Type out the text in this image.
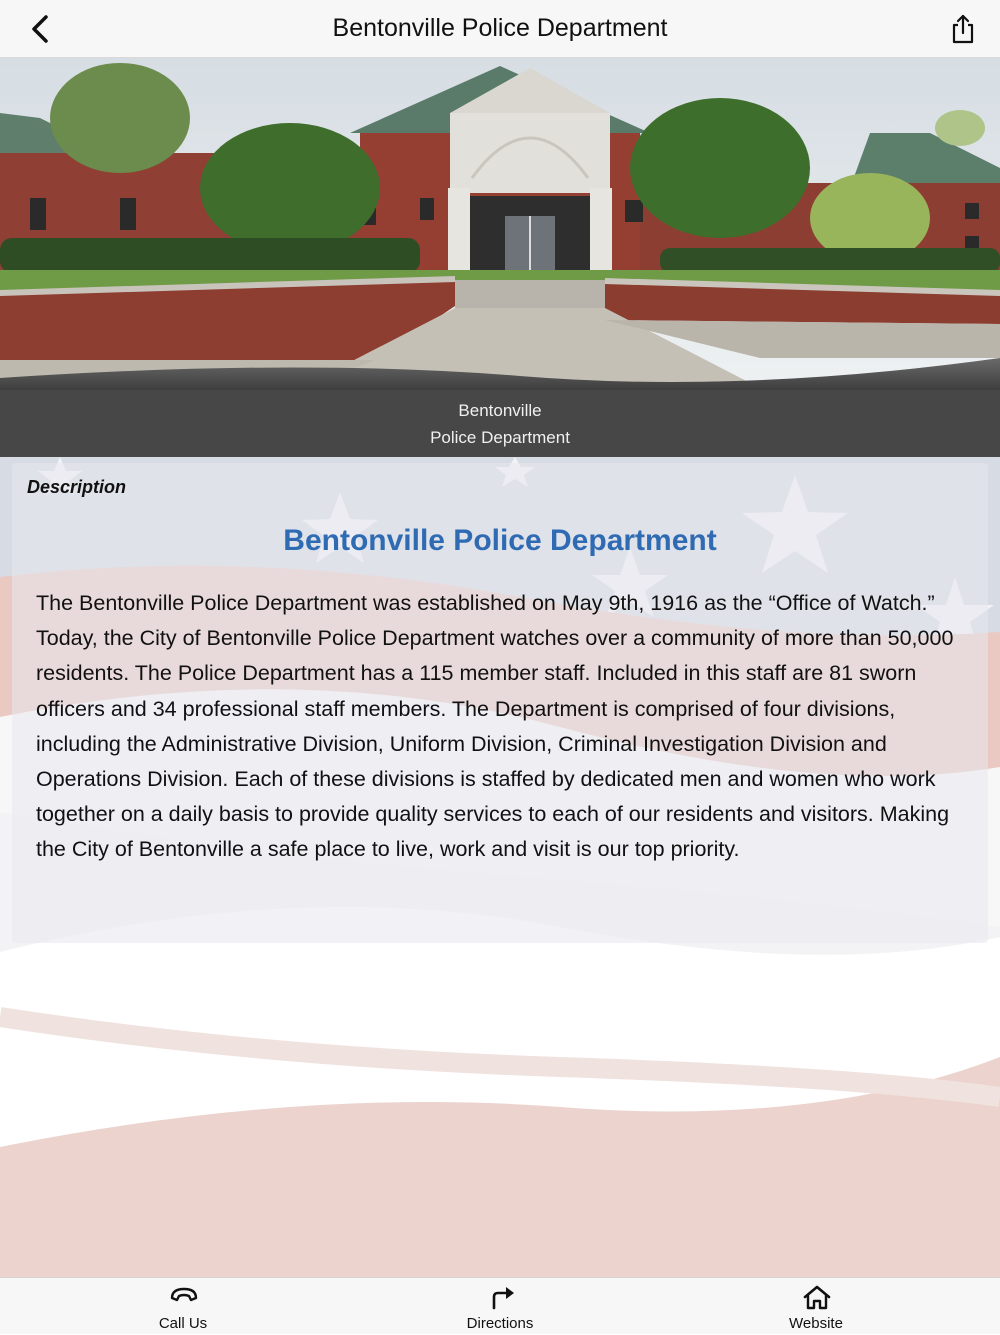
Bentonville Police Department
Bentonville
Police Department
Description
Bentonville Police Department
The Bentonville Police Department was established on May 9th, 1916 as the “Office of Watch.” Today, the City of Bentonville Police Department watches over a community of more than 50,000 residents. The Police Department has a 115 member staff. Included in this staff are 81 sworn officers and 34 professional staff members. The Department is comprised of four divisions, including the Administrative Division, Uniform Division, Criminal Investigation Division and Operations Division. Each of these divisions is staffed by dedicated men and women who work together on a daily basis to provide quality services to each of our residents and visitors. Making the City of Bentonville a safe place to live, work and visit is our top priority.
Call Us	Directions	Website
